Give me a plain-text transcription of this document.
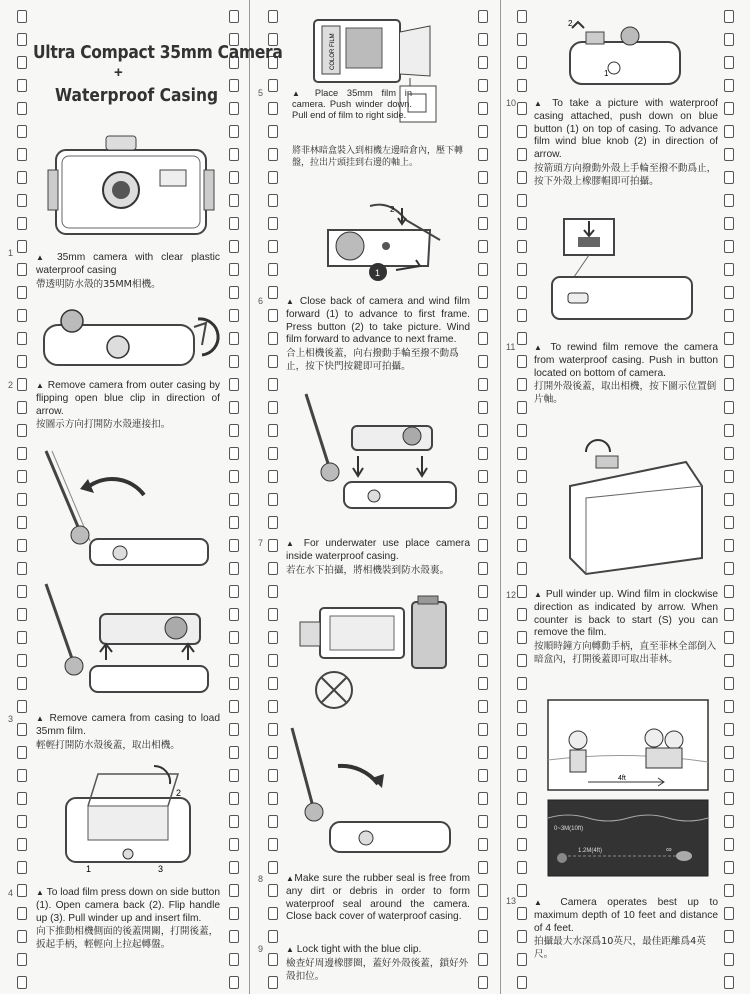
1
2
3
4
5
6
7
8
9
10
11
12
13
Ultra Compact 35mm Camera
+
Waterproof Casing

▲ 35mm camera with clear plastic waterproof casing

帶透明防水殼的35MM相機。

▲ Remove camera from outer casing by flipping open blue clip in direction of arrow.

按圖示方向打開防水殼連接扣。

▲ Remove camera from casing to load 35mm film.

輕輕打開防水殼後蓋，取出相機。

2
1	3

▲ To load film press down on side button (1). Open camera back (2). Flip handle up (3). Pull winder up and insert film.

向下推動相機側面的後蓋開關，打開後蓋，扳起手柄，輕輕向上拉起轉盤。

COLOR FILM

▲ Place 35mm film in camera. Push winder down. Pull end of film to right side.

將菲林暗盒裝入到相機左邊暗倉內，壓下轉盤，拉出片頭挂到右邊的軸上。

2
1

▲ Close back of camera and wind film forward (1) to advance to first frame. Press button (2) to take picture. Wind film forward to advance to next frame.

合上相機後蓋，向右撥動手輪至撥不動爲止，按下快門按鍵即可拍攝。

▲ For underwater use place camera inside waterproof casing.

若在水下拍攝，將相機裝到防水殼裏。

▲Make sure the rubber seal is free from any dirt or debris in order to form waterproof seal around the camera. Close back cover of waterproof casing.

▲ Lock tight with the blue clip.

檢查好周邊橡膠圈，蓋好外殼後蓋，鎖好外殼扣位。

2
1

▲ To take a picture with waterproof casing attached, push down on blue button (1) on top of casing. To advance film wind blue knob (2) in direction of arrow.

按箭頭方向撥動外殼上手輪至撥不動爲止，按下外殼上橡膠帽即可拍攝。

▲ To rewind film remove the camera from waterproof casing. Push in button located on bottom of camera.

打開外殼後蓋，取出相機，按下圖示位置倒片軸。

▲ Pull winder up. Wind film in clockwise direction as indicated by arrow. When counter is back to start (S) you can remove the film.

按順時鐘方向轉動手柄，直至菲林全部倒入暗盒內，打開後蓋即可取出菲林。

4ft
0~3M(10ft)
1.2M(4ft)	∞

▲ Camera operates best up to maximum depth of 10 feet and distance of 4 feet.

拍攝最大水深爲10英尺，最佳距離爲4英尺。
